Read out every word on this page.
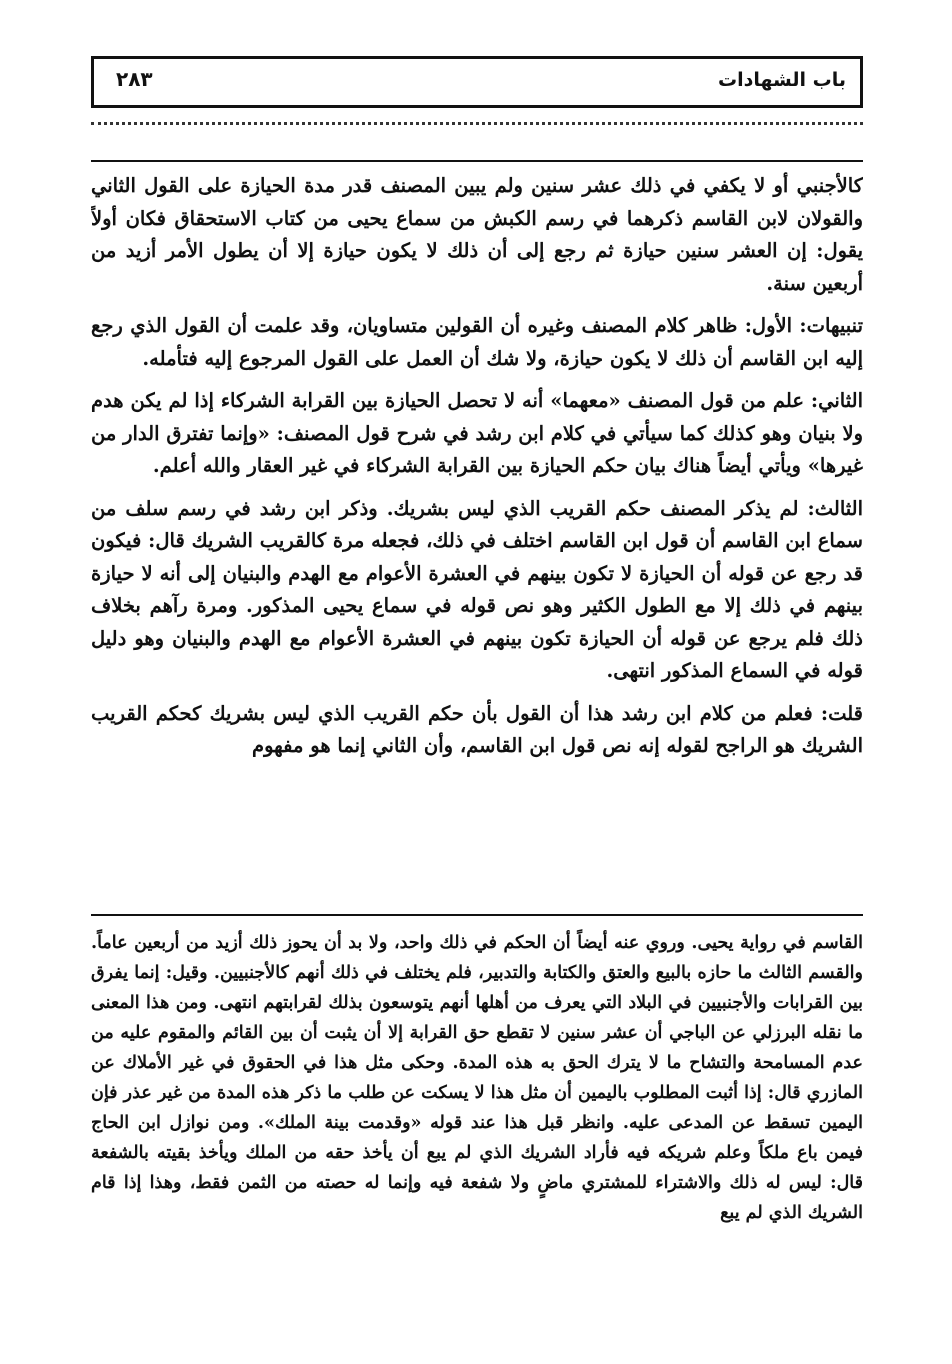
باب الشهادات
٢٨٣

كالأجنبي أو لا يكفي في ذلك عشر سنين ولم يبين المصنف قدر مدة الحيازة على القول الثاني والقولان لابن القاسم ذكرهما في رسم الكبش من سماع يحيى من كتاب الاستحقاق فكان أولاً يقول: إن العشر سنين حيازة ثم رجع إلى أن ذلك لا يكون حيازة إلا أن يطول الأمر أزيد من أربعين سنة.

تنبيهات: الأول: ظاهر كلام المصنف وغيره أن القولين متساويان، وقد علمت أن القول الذي رجع إليه ابن القاسم أن ذلك لا يكون حيازة، ولا شك أن العمل على القول المرجوع إليه فتأمله.

الثاني: علم من قول المصنف «معهما» أنه لا تحصل الحيازة بين القرابة الشركاء إذا لم يكن هدم ولا بنيان وهو كذلك كما سيأتي في كلام ابن رشد في شرح قول المصنف: «وإنما تفترق الدار من غيرها» ويأتي أيضاً هناك بيان حكم الحيازة بين القرابة الشركاء في غير العقار والله أعلم.

الثالث: لم يذكر المصنف حكم القريب الذي ليس بشريك. وذكر ابن رشد في رسم سلف من سماع ابن القاسم أن قول ابن القاسم اختلف في ذلك، فجعله مرة كالقريب الشريك قال: فيكون قد رجع عن قوله أن الحيازة لا تكون بينهم في العشرة الأعوام مع الهدم والبنيان إلى أنه لا حيازة بينهم في ذلك إلا مع الطول الكثير وهو نص قوله في سماع يحيى المذكور. ومرة رآهم بخلاف ذلك فلم يرجع عن قوله أن الحيازة تكون بينهم في العشرة الأعوام مع الهدم والبنيان وهو دليل قوله في السماع المذكور انتهى.

قلت: فعلم من كلام ابن رشد هذا أن القول بأن حكم القريب الذي ليس بشريك كحكم القريب الشريك هو الراجح لقوله إنه نص قول ابن القاسم، وأن الثاني إنما هو مفهوم

القاسم في رواية يحيى. وروي عنه أيضاً أن الحكم في ذلك واحد، ولا بد أن يحوز ذلك أزيد من أربعين عاماً. والقسم الثالث ما حازه بالبيع والعتق والكتابة والتدبير، فلم يختلف في ذلك أنهم كالأجنبيين. وقيل: إنما يفرق بين القرابات والأجنبيين في البلاد التي يعرف من أهلها أنهم يتوسعون بذلك لقرابتهم انتهى. ومن هذا المعنى ما نقله البرزلي عن الباجي أن عشر سنين لا تقطع حق القرابة إلا أن يثبت أن بين القائم والمقوم عليه من عدم المسامحة والتشاح ما لا يترك الحق به هذه المدة. وحكى مثل هذا في الحقوق في غير الأملاك عن المازري قال: إذا أثبت المطلوب باليمين أن مثل هذا لا يسكت عن طلب ما ذكر هذه المدة من غير عذر فإن اليمين تسقط عن المدعى عليه. وانظر قبل هذا عند قوله «وقدمت بينة الملك». ومن نوازل ابن الحاج فيمن باع ملكاً وعلم شريكه فيه فأراد الشريك الذي لم يبع أن يأخذ حقه من الملك ويأخذ بقيته بالشفعة قال: ليس له ذلك والاشتراء للمشتري ماضٍ ولا شفعة فيه وإنما له حصته من الثمن فقط، وهذا إذا قام الشريك الذي لم يبع
